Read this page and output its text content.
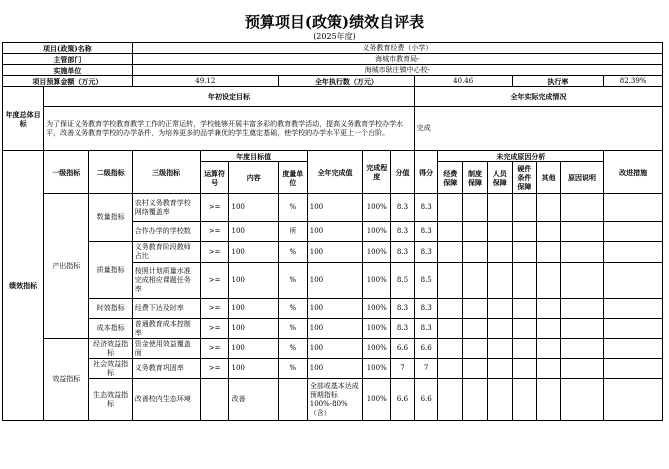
预算项目(政策)绩效自评表
(2025年度)
项目(政策)名称			义务教育经费（小学）														
主管部门			海城市教育局-														
实施单位			海城市耿庄镇中心校-														
项目预算金额（万元）			49.12			全年执行数（万元）				40.46				执行率			82.39%
年度总体目标	年初设定目标									全年实际完成情况							
	为了保证义务教育学校教育教学工作的正常运转，学校能够开展丰富多彩的教育教学活动，提高义务教育学校办学水平，改善义务教育学校的办学条件，为培养更多的品学兼优的学生奠定基础，使学校的办学水平更上一个台阶。									完成							
绩效指标	一级指标	二级指标	三级指标	年度目标值			全年完成值	完成程度	分值	得分	未完成原因分析						改进措施
				运算符号	内容	度量单位					经费保障	制度保障	人员保障	硬件条件保障	其他	原因说明	

	产出指标	数量指标	农村义务教育学校网络覆盖率	>=	100	%	100	100%	8.3	8.3							
			合作办学的学校数	>=	100	所	100	100%	8.3	8.3							
		质量指标	义务教育阶段教师占比	>=	100	%	100	100%	8.3	8.3							
			按照计划质量水准完成相应课题任务率	>=	100	%	100	100%	8.5	8.5							
		时效指标	经费下达及时率	>=	100	%	100	100%	8.3	8.3							
		成本指标	普通教育成本控制率	>=	100	%	100	100%	8.3	8.3							
	效益指标	经济效益指标	资金使用效益覆盖面	>=	100	%	100	100%	6.6	6.6							
		社会效益指标	义务教育巩固率	>=	100	%	100	100%	7	7							
		生态效益指标	改善校内生态环境		改善		全部或基本达成预期指标100%-80%（含）	100%	6.6	6.6							
